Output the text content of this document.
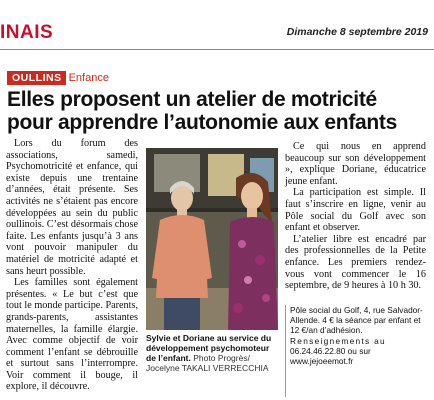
INAIS	Dimanche 8 septembre 2019
OULLINS Enfance
Elles proposent un atelier de motricité
pour apprendre l’autonomie aux enfants

Lors du forum des associations, samedi, Psychomotricité et enfance, qui existe depuis une trentaine d’années, était présente. Ses activités ne s’étaient pas encore développées au sein du public oullinois. C’est désormais chose faite. Les enfants jusqu’à 3 ans vont pouvoir manipuler du matériel de motricité adapté et sans heurt possible.

Les familles sont également présentes. « Le but c’est que tout le monde participe. Parents, grands-parents, assistantes maternelles, la famille élargie. Avec comme objectif de voir comment l’enfant se débrouille et surtout sans l’interrompre. Voir comment il bouge, il explore, il découvre.

Sylvie et Doriane au service du développement psychomoteur de l’enfant. Photo Progrès/
Jocelyne TAKALI VERRECCHIA

Ce qui nous en apprend beaucoup sur son développement », explique Doriane, éducatrice jeune enfant.

La participation est simple. Il faut s’inscrire en ligne, venir au Pôle social du Golf avec son enfant et observer.

L’atelier libre est encadré par des professionnelles de la Petite enfance. Les premiers rendez-vous vont commencer le 16 septembre, de 9 heures à 10 h 30.

Pôle social du Golf, 4, rue Salvador-Allende. 4 € la séance par enfant et 12 €/an d’adhésion.
Renseignements au
06.24.46.22.80 ou sur
www.jejoeemot.fr
